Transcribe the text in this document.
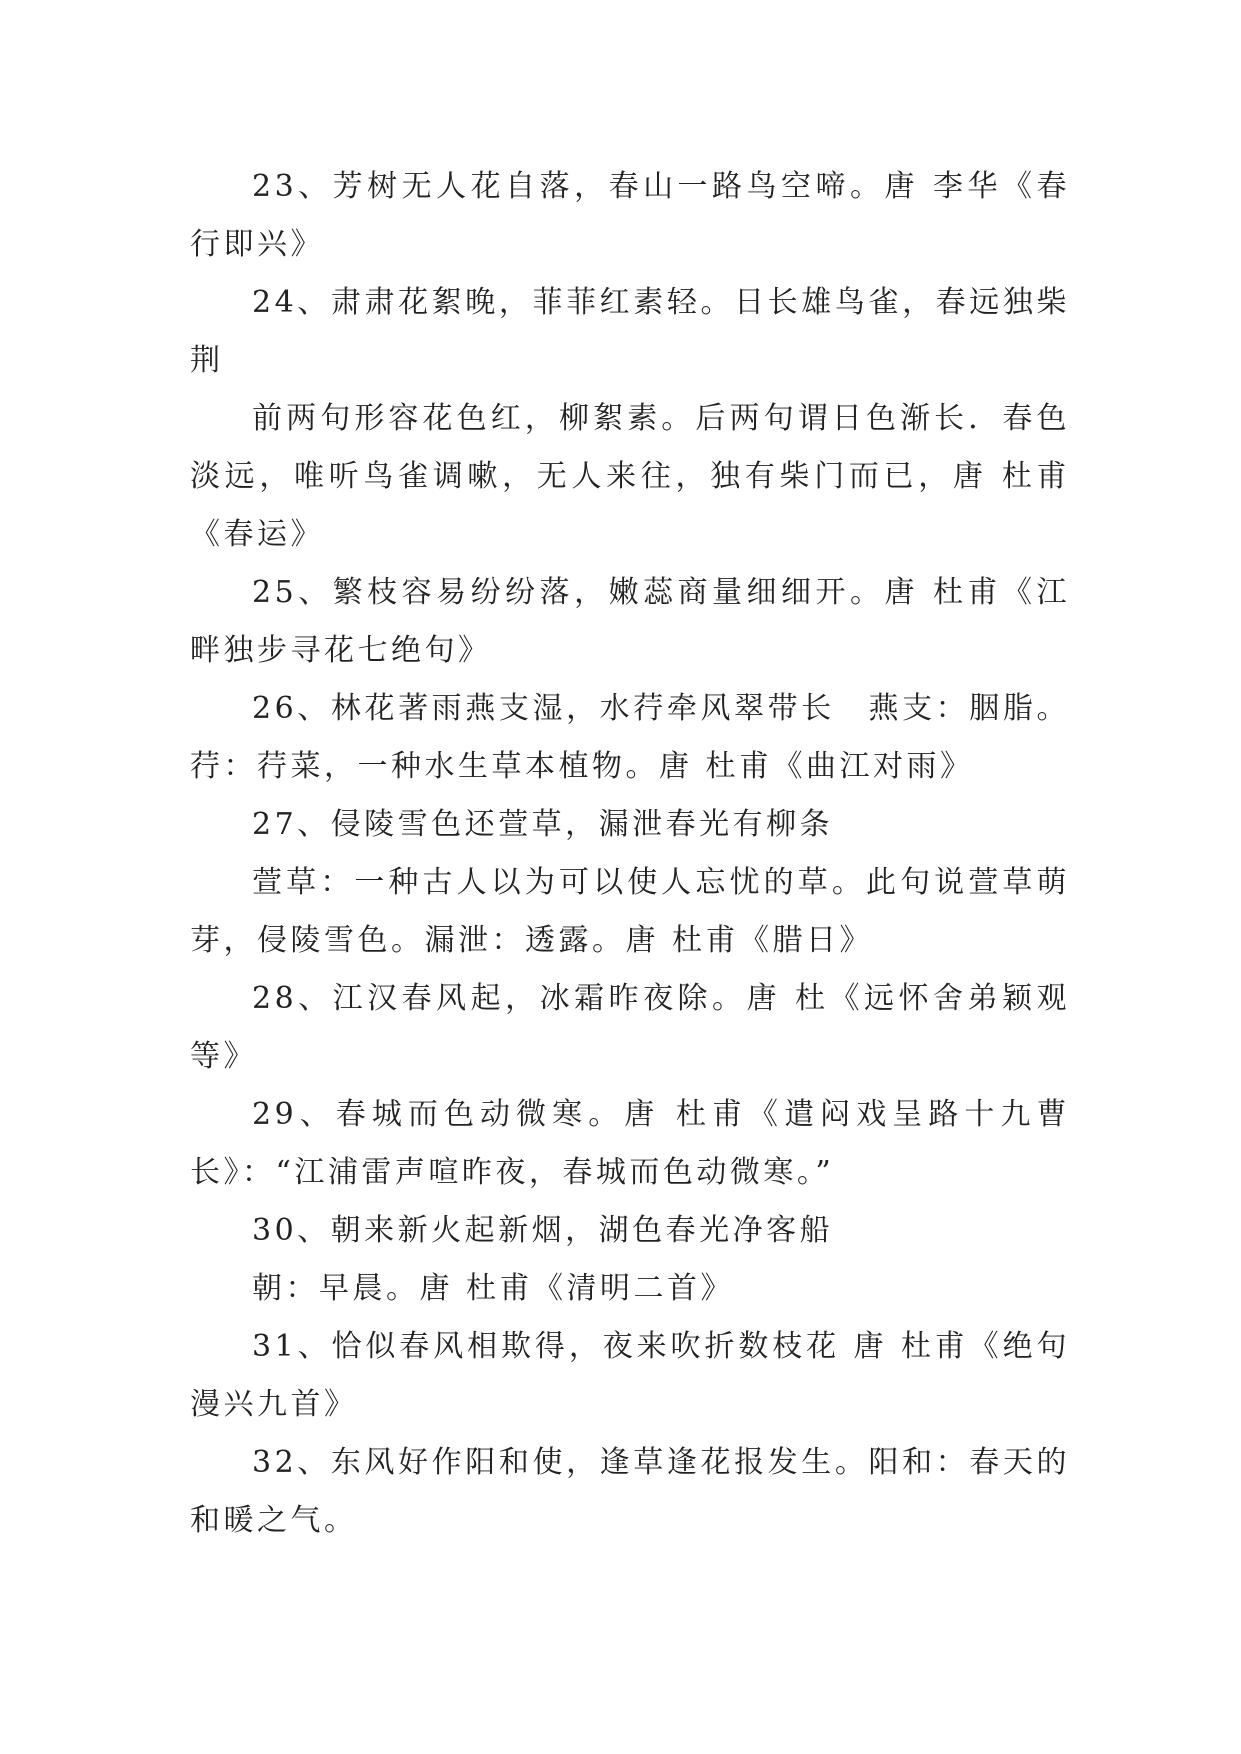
23、芳树无人花自落，春山一路鸟空啼。唐 李华《春行即兴》

24、肃肃花絮晚，菲菲红素轻。日长雄鸟雀，春远独柴荆

前两句形容花色红，柳絮素。后两句谓日色渐长．春色淡远，唯听鸟雀调嗽，无人来往，独有柴门而已，唐 杜甫《春运》

25、繁枝容易纷纷落，嫩蕊商量细细开。唐 杜甫《江畔独步寻花七绝句》

26、林花著雨燕支湿，水荇牵风翠带长　燕支：胭脂。荇：荇菜，一种水生草本植物。唐 杜甫《曲江对雨》

27、侵陵雪色还萱草，漏泄春光有柳条

萱草：一种古人以为可以使人忘忧的草。此句说萱草萌芽，侵陵雪色。漏泄：透露。唐 杜甫《腊日》

28、江汉春风起，冰霜昨夜除。唐 杜《远怀舍弟颖观等》

29、春城而色动微寒。唐 杜甫《遣闷戏呈路十九曹长》：“江浦雷声喧昨夜，春城而色动微寒。”

30、朝来新火起新烟，湖色春光净客船

朝：早晨。唐 杜甫《清明二首》

31、恰似春风相欺得，夜来吹折数枝花 唐 杜甫《绝句漫兴九首》

32、东风好作阳和使，逢草逢花报发生。阳和：春天的和暖之气。
